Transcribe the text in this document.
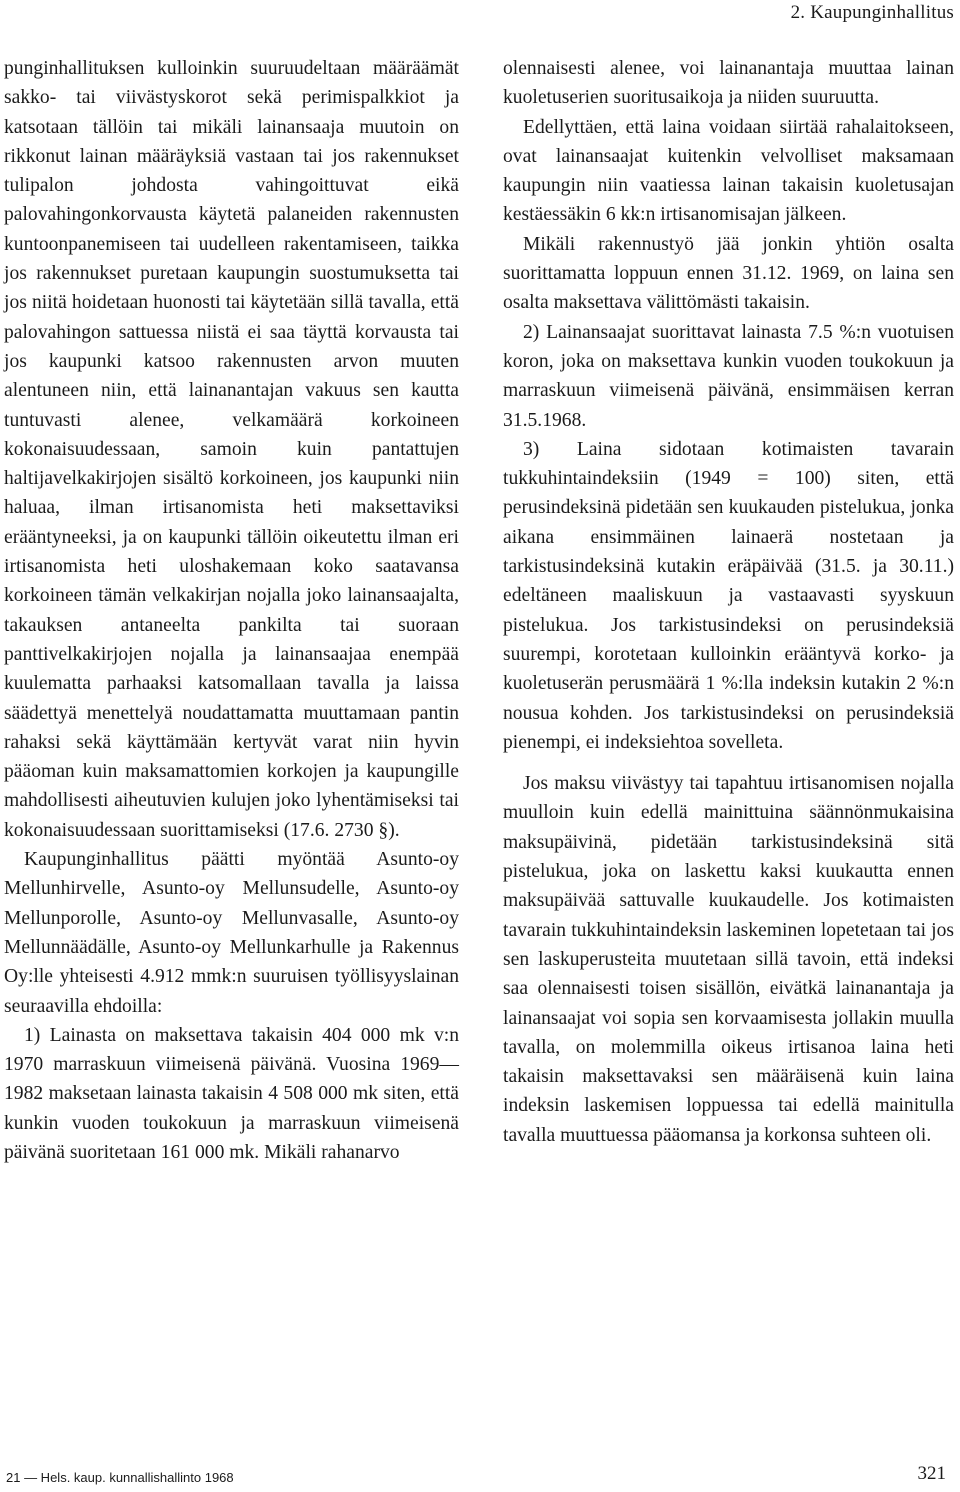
2. Kaupunginhallitus

punginhallituksen kulloinkin suuruudeltaan määräämät sakko- tai viivästyskorot sekä perimispalkkiot ja katsotaan tällöin tai mikäli lainansaaja muutoin on rikkonut lainan määräyksiä vastaan tai jos rakennukset tulipalon johdosta vahingoittuvat eikä palovahingonkorvausta käytetä palaneiden rakennusten kuntoonpanemiseen tai uudelleen rakentamiseen, taikka jos rakennukset puretaan kaupungin suostumuksetta tai jos niitä hoidetaan huonosti tai käytetään sillä tavalla, että palovahingon sattuessa niistä ei saa täyttä korvausta tai jos kaupunki katsoo rakennusten arvon muuten alentuneen niin, että lainanantajan vakuus sen kautta tuntuvasti alenee, velkamäärä korkoineen kokonaisuudessaan, samoin kuin pantattujen haltijavelkakirjojen sisältö korkoineen, jos kaupunki niin haluaa, ilman irtisanomista heti maksettaviksi erääntyneeksi, ja on kaupunki tällöin oikeutettu ilman eri irtisanomista heti uloshakemaan koko saatavansa korkoineen tämän velkakirjan nojalla joko lainansaajalta, takauksen antaneelta pankilta tai suoraan panttivelkakirjojen nojalla ja lainansaajaa enempää kuulematta parhaaksi katsomallaan tavalla ja laissa säädettyä menettelyä noudattamatta muuttamaan pantin rahaksi sekä käyttämään kertyvät varat niin hyvin pääoman kuin maksamattomien korkojen ja kaupungille mahdollisesti aiheutuvien kulujen joko lyhentämiseksi tai kokonaisuudessaan suorittamiseksi (17.6. 2730 §).

Kaupunginhallitus päätti myöntää Asunto-oy Mellunhirvelle, Asunto-oy Mellunsudelle, Asunto-oy Mellunporolle, Asunto-oy Mellunvasalle, Asunto-oy Mellunnäädälle, Asunto-oy Mellunkarhulle ja Rakennus Oy:lle yhteisesti 4.912 mmk:n suuruisen työllisyyslainan seuraavilla ehdoilla:

1) Lainasta on maksettava takaisin 404 000 mk v:n 1970 marraskuun viimeisenä päivänä. Vuosina 1969—1982 maksetaan lainasta takaisin 4 508 000 mk siten, että kunkin vuoden toukokuun ja marraskuun viimeisenä päivänä suoritetaan 161 000 mk. Mikäli rahanarvo

olennaisesti alenee, voi lainanantaja muuttaa lainan kuoletuserien suoritusaikoja ja niiden suuruutta.

Edellyttäen, että laina voidaan siirtää rahalaitokseen, ovat lainansaajat kuitenkin velvolliset maksamaan kaupungin niin vaatiessa lainan takaisin kuoletusajan kestäessäkin 6 kk:n irtisanomisajan jälkeen.

Mikäli rakennustyö jää jonkin yhtiön osalta suorittamatta loppuun ennen 31.12. 1969, on laina sen osalta maksettava välittömästi takaisin.

2) Lainansaajat suorittavat lainasta 7.5 %:n vuotuisen koron, joka on maksettava kunkin vuoden toukokuun ja marraskuun viimeisenä päivänä, ensimmäisen kerran 31.5.1968.

3) Laina sidotaan kotimaisten tavarain tukkuhintaindeksiin (1949 = 100) siten, että perusindeksinä pidetään sen kuukauden pistelukua, jonka aikana ensimmäinen lainaerä nostetaan ja tarkistusindeksinä kutakin eräpäivää (31.5. ja 30.11.) edeltäneen maaliskuun ja vastaavasti syyskuun pistelukua. Jos tarkistusindeksi on perusindeksiä suurempi, korotetaan kulloinkin erääntyvä korko- ja kuoletuserän perusmäärä 1 %:lla indeksin kutakin 2 %:n nousua kohden. Jos tarkistusindeksi on perusindeksiä pienempi, ei indeksiehtoa sovelleta.

Jos maksu viivästyy tai tapahtuu irtisanomisen nojalla muulloin kuin edellä mainittuina säännönmukaisina maksupäivinä, pidetään tarkistusindeksinä sitä pistelukua, joka on laskettu kaksi kuukautta ennen maksupäivää sattuvalle kuukaudelle. Jos kotimaisten tavarain tukkuhintaindeksin laskeminen lopetetaan tai jos sen laskuperusteita muutetaan sillä tavoin, että indeksi saa olennaisesti toisen sisällön, eivätkä lainanantaja ja lainansaajat voi sopia sen korvaamisesta jollakin muulla tavalla, on molemmilla oikeus irtisanoa laina heti takaisin maksettavaksi sen määräisenä kuin laina indeksin laskemisen loppuessa tai edellä mainitulla tavalla muuttuessa pääomansa ja korkonsa suhteen oli.

21 — Hels. kaup. kunnallishallinto 1968	321
